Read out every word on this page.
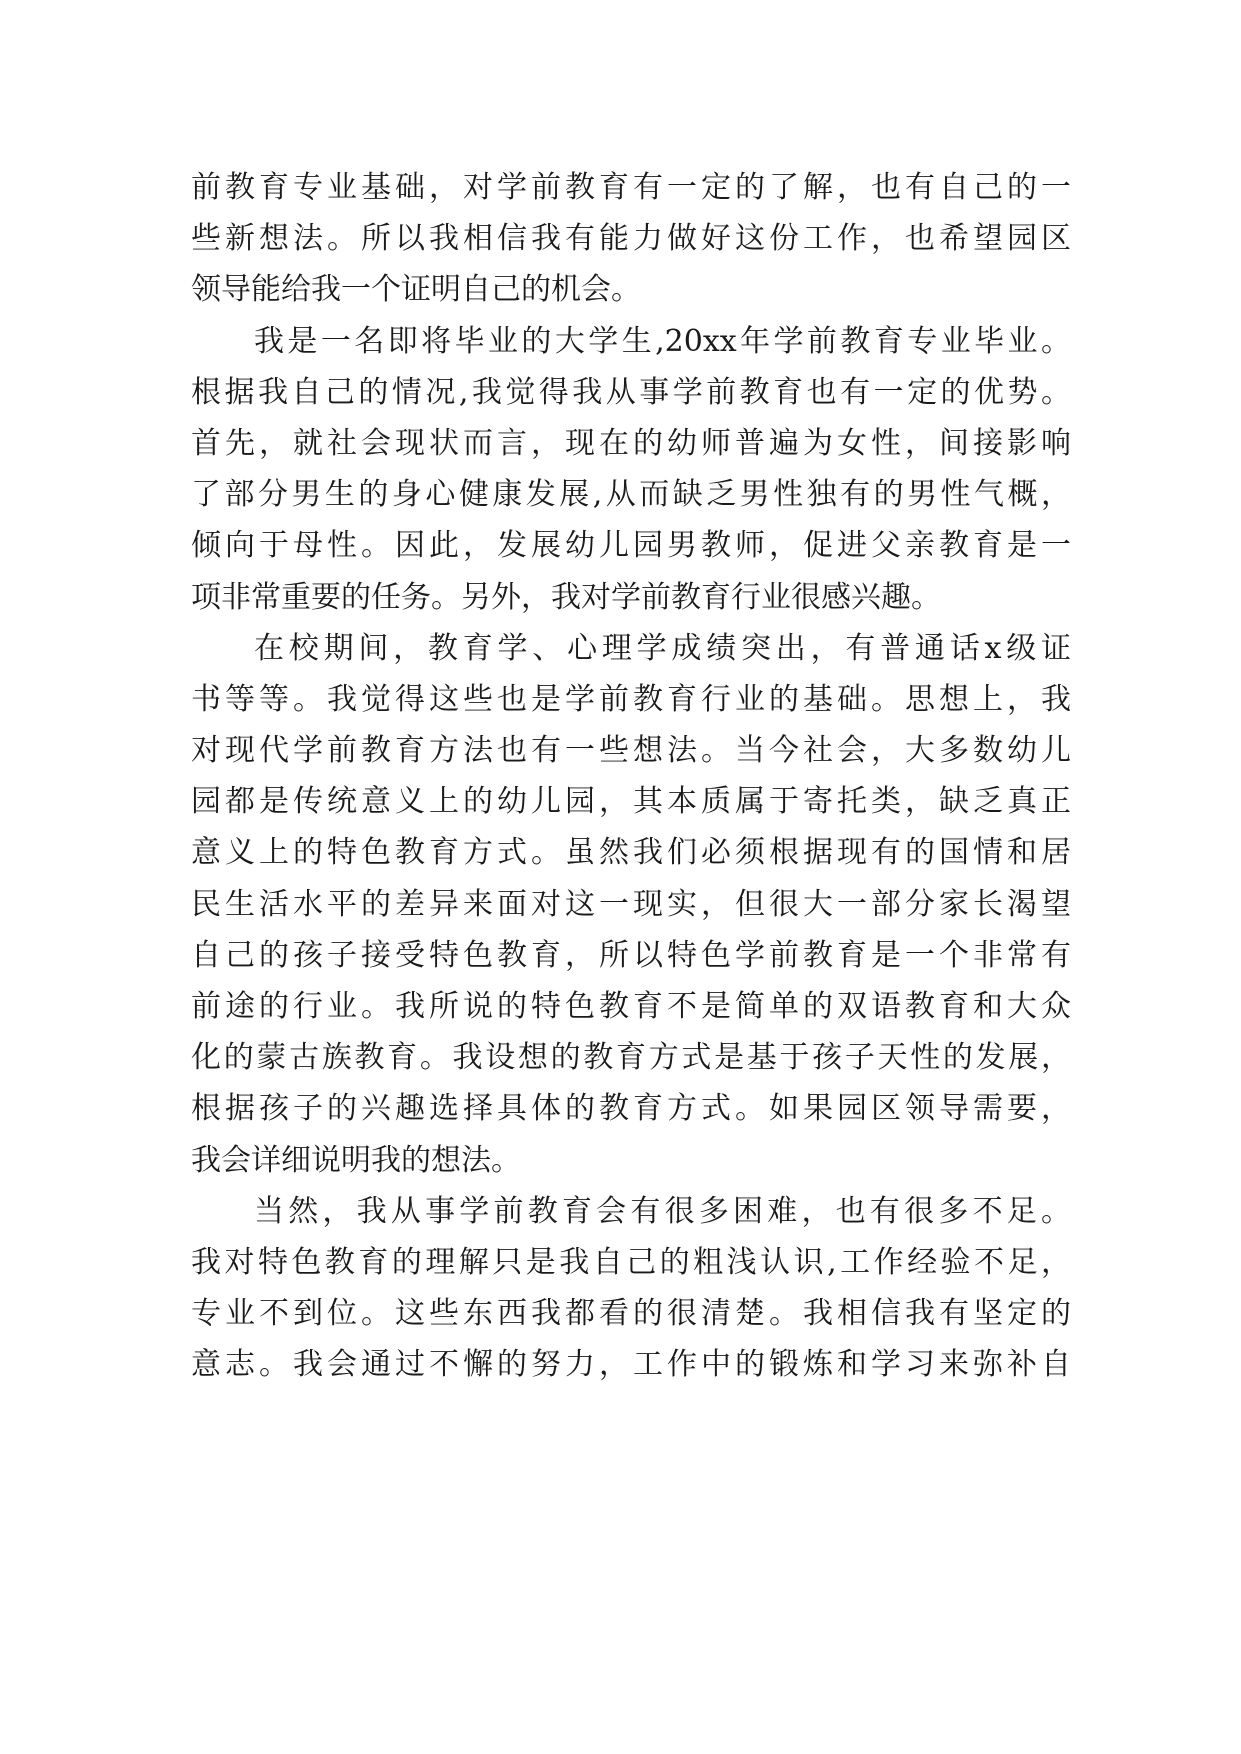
前教育专业基础，对学前教育有一定的了解，也有自己的一
些新想法。所以我相信我有能力做好这份工作，也希望园区
领导能给我一个证明自己的机会。
我是一名即将毕业的大学生,20xx年学前教育专业毕业。
根据我自己的情况,我觉得我从事学前教育也有一定的优势。
首先，就社会现状而言，现在的幼师普遍为女性，间接影响
了部分男生的身心健康发展,从而缺乏男性独有的男性气概，
倾向于母性。因此，发展幼儿园男教师，促进父亲教育是一
项非常重要的任务。另外，我对学前教育行业很感兴趣。
在校期间，教育学、心理学成绩突出，有普通话x级证
书等等。我觉得这些也是学前教育行业的基础。思想上，我
对现代学前教育方法也有一些想法。当今社会，大多数幼儿
园都是传统意义上的幼儿园，其本质属于寄托类，缺乏真正
意义上的特色教育方式。虽然我们必须根据现有的国情和居
民生活水平的差异来面对这一现实，但很大一部分家长渴望
自己的孩子接受特色教育，所以特色学前教育是一个非常有
前途的行业。我所说的特色教育不是简单的双语教育和大众
化的蒙古族教育。我设想的教育方式是基于孩子天性的发展，
根据孩子的兴趣选择具体的教育方式。如果园区领导需要，
我会详细说明我的想法。
当然，我从事学前教育会有很多困难，也有很多不足。
我对特色教育的理解只是我自己的粗浅认识,工作经验不足，
专业不到位。这些东西我都看的很清楚。我相信我有坚定的
意志。我会通过不懈的努力，工作中的锻炼和学习来弥补自
